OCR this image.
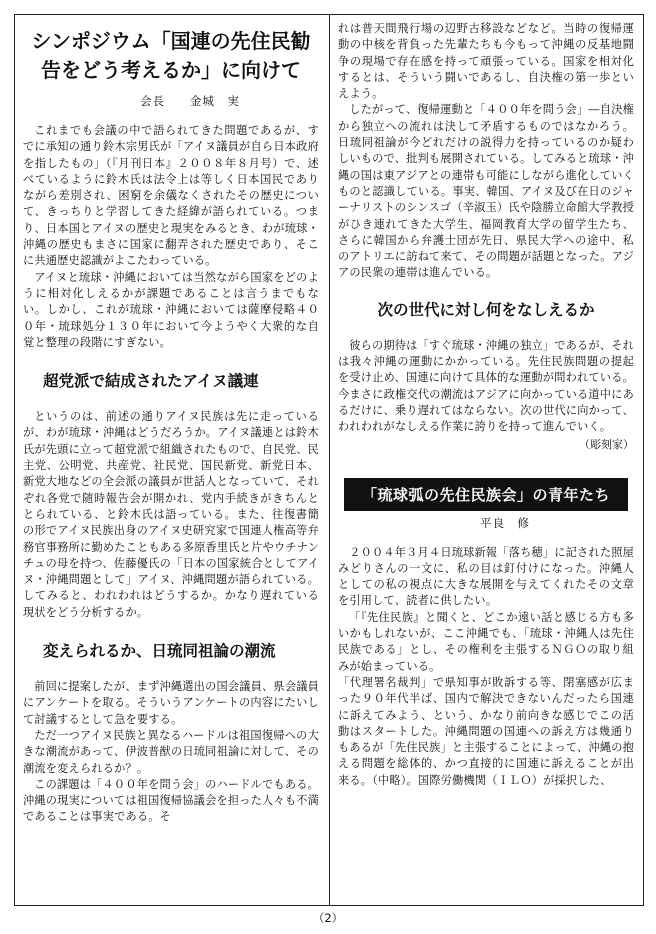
シンポジウム「国連の先住民勧
告をどう考えるか」に向けて
会長 金城　実

これまでも会議の中で語られてきた問題であるが、すでに承知の通り鈴木宗男氏が「アイヌ議員が自ら日本政府を指したもの」（『月刊日本』２００８年８月号）で、述べているように鈴木氏は法令上は等しく日本国民でありながら差別され、困窮を余儀なくされたその歴史について、きっちりと学習してきた経緯が語られている。つまり、日本国とアイヌの歴史と現実をみるとき、わが琉球・沖縄の歴史もまさに国家に翻弄された歴史であり、そこに共通歴史認識がよこたわっている。

アイヌと琉球・沖縄においては当然ながら国家をどのように相対化しえるかが課題であることは言うまでもない。しかし、これが琉球・沖縄においては薩摩侵略４００年・琉球処分１３０年において今ようやく大衆的な自覚と整理の段階にすぎない。

超党派で結成されたアイヌ議連

というのは、前述の通りアイヌ民族は先に走っているが、わが琉球・沖縄はどうだろうか。アイヌ議連とは鈴木氏が先頭に立って超党派で組織されたもので、自民党、民主党、公明党、共産党、社民党、国民新党、新党日本、新党大地などの全会派の議員が世話人となっていて、それぞれ各党で随時報告会が開かれ、党内手続きがきちんととられている、と鈴木氏は語っている。また、往復書簡の形でアイヌ民族出身のアイヌ史研究家で国連人権高等弁務官事務所に勤めたこともある多原香里氏と片やウチナンチュの母を持つ、佐藤優氏の「日本の国家統合としてアイヌ・沖縄問題として」アイヌ、沖縄問題が語られている。してみると、われわれはどうするか。かなり遅れている現状をどう分析するか。

変えられるか、日琉同祖論の潮流

前回に提案したが、まず沖縄選出の国会議員、県会議員にアンケートを取る。そういうアンケートの内容にたいして討議するとして急を要する。

ただ一つアイヌ民族と異なるハードルは祖国復帰への大きな潮流があって、伊波普猷の日琉同祖論に対して、その潮流を変えられるか？。

この課題は「４００年を問う会」のハードルでもある。沖縄の現実については祖国復帰協議会を担った人々も不満であることは事実である。そ

れは普天間飛行場の辺野古移設などなど。当時の復帰運動の中核を背負った先輩たちも今もって沖縄の反基地闘争の現場で存在感を持って頑張っている。国家を相対化するとは、そういう闘いであるし、自決権の第一歩といえよう。

したがって、復帰運動と「４００年を問う会」―自決権から独立への流れは決して矛盾するものではなかろう。日琉同祖論が今どれだけの説得力を持っているのか疑わしいもので、批判も展開されている。してみると琉球・沖縄の国は東アジアとの連帯も可能にしながら進化していくものと認識している。事実、韓国、アイヌ及び在日のジャーナリストのシンスゴ（辛淑玉）氏や陰勝立命館大学教授がひき連れてきた大学生、福岡教育大学の留学生たち、さらに韓国から弁護士団が先日、県民大学への途中、私のアトリエに訪ねて来て、その問題が話題となった。アジアの民衆の連帯は進んでいる。

次の世代に対し何をなしえるか

彼らの期待は「すぐ琉球・沖縄の独立」であるが、それは我々沖縄の運動にかかっている。先住民族問題の提起を受け止め、国連に向けて具体的な運動が問われている。今まさに政権交代の潮流はアジアに向かっている道中にあるだけに、乗り遅れてはならない。次の世代に向かって、われわれがなしえる作業に誇りを持って進んでいく。

（彫刻家）
「琉球弧の先住民族会」の青年たち
平良　修

２００４年３月４日琉球新報「落ち穂」に記された照屋みどりさんの一文に、私の目は釘付けになった。沖縄人としての私の視点に大きな展開を与えてくれたその文章を引用して、読者に供したい。

「『先住民族』と聞くと、どこか遠い話と感じる方も多いかもしれないが、ここ沖縄でも、「琉球・沖縄人は先住民族である」とし、その権利を主張するＮＧＯの取り組みが始まっている。

「代理署名裁判」で県知事が敗訴する等、閉塞感が広まった９０年代半ば、国内で解決できないんだったら国連に訴えてみよう、という、かなり前向きな感じでこの活動はスタートした。沖縄問題の国連への訴え方は幾通りもあるが「先住民族」と主張することによって、沖縄の抱える問題を総体的、かつ直接的に国連に訴えることが出来る。（中略）。国際労働機関（ＩＬＯ）が採択した、

（2）
